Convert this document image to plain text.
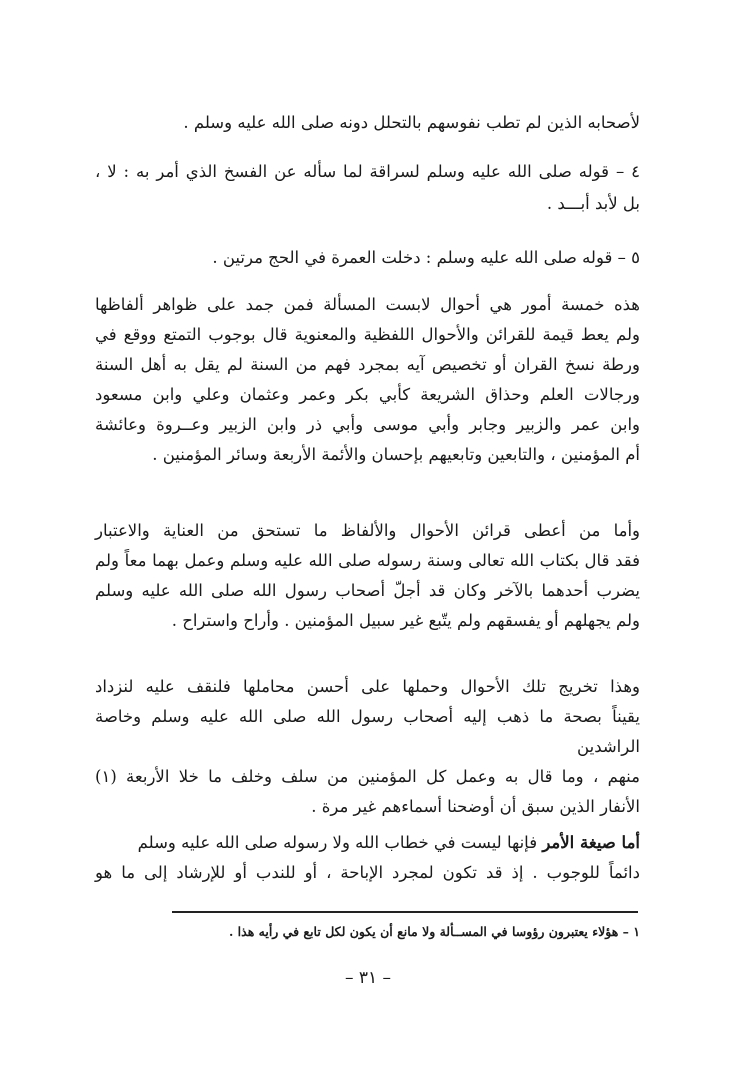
لأصحابه الذين لم تطب نفوسهم بالتحلل دونه صلى الله عليه وسلم .
٤ – قوله صلى الله عليه وسلم لسراقة لما سأله عن الفسخ الذي أمر به : لا ،
بل لأبد أبـــد .
٥ – قوله صلى الله عليه وسلم : دخلت العمرة في الحج مرتين .
هذه خمسة أمور هي أحوال لابست المسألة فمن جمد على ظواهر ألفاظها
ولم يعط قيمة للقرائن والأحوال اللفظية والمعنوية قال بوجوب التمتع ووقع في
ورطة نسخ القران أو تخصيص آيه بمجرد فهم من السنة لم يقل به أهل السنة
ورجالات العلم وحذاق الشريعة كأبي بكر وعمر وعثمان وعلي وابن مسعود
وابن عمر والزبير وجابر وأبي موسى وأبي ذر وابن الزبير وعــروة وعائشة
أم المؤمنين ، والتابعين وتابعيهم بإحسان والأئمة الأربعة وسائر المؤمنين .
وأما من أعطى قرائن الأحوال والألفاظ ما تستحق من العناية والاعتبار
فقد قال بكتاب الله تعالى وسنة رسوله صلى الله عليه وسلم وعمل بهما معاً ولم
يضرب أحدهما بالآخر وكان قد أجلّ أصحاب رسول الله صلى الله عليه وسلم
ولم يجهلهم أو يفسقهم ولم يتّبع غير سبيل المؤمنين . وأراح واستراح .
وهذا تخريج تلك الأحوال وحملها على أحسن محاملها فلنقف عليه لنزداد
يقيناً بصحة ما ذهب إليه أصحاب رسول الله صلى الله عليه وسلم وخاصة الراشدين
منهم ، وما قال به وعمل كل المؤمنين من سلف وخلف ما خلا الأربعة (١)
الأنفار الذين سبق أن أوضحنا أسماءهم غير مرة .
أما صيغة الأمر فإنها ليست في خطاب الله ولا رسوله صلى الله عليه وسلم
دائماً للوجوب . إذ قد تكون لمجرد الإباحة ، أو للندب أو للإرشاد إلى ما هو
١ – هؤلاء يعتبرون رؤوسا في المســألة ولا مانع أن يكون لكل تابع في رأيه هذا .
– ٣١ –
